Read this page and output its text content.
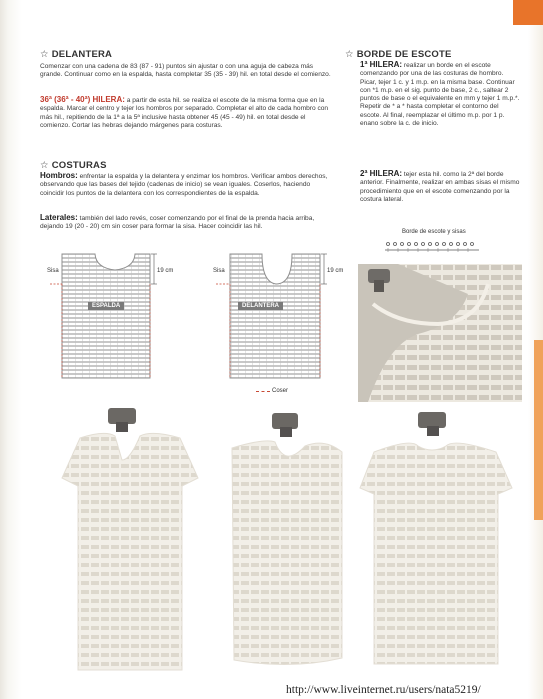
☆ DELANTERA
Comenzar con una cadena de 83 (87 - 91) puntos sin ajustar o con una aguja de cabeza más grande. Continuar como en la espalda, hasta completar 35 (35 - 39) hil. en total desde el comienzo.
36ª (36ª - 40ª) HILERA: a partir de esta hil. se realiza el escote de la misma forma que en la espalda. Marcar el centro y tejer los hombros por separado. Completar el alto de cada hombro con más hil., repitiendo de la 1ª a la 5ª inclusive hasta obtener 45 (45 - 49) hil. en total desde el comienzo. Cortar las hebras dejando márgenes para costuras.
☆ COSTURAS
Hombros: enfrentar la espalda y la delantera y enzimar los hombros. Verificar ambos derechos, observando que las bases del tejido (cadenas de inicio) se vean iguales. Coserlos, haciendo coincidir los puntos de la delantera con los correspondientes de la espalda.
Laterales: también del lado revés, coser comenzando por el final de la prenda hacia arriba, dejando 19 (20 - 20) cm sin coser para formar la sisa. Hacer coincidir las hil.
Sisa	19 cm
ESPALDA
Sisa	19 cm
DELANTERA
Coser
☆ BORDE DE ESCOTE
1ª HILERA: realizar un borde en el escote comenzando por una de las costuras de hombro. Picar, tejer 1 c. y 1 m.p. en la misma base. Continuar con *1 m.p. en el sig. punto de base, 2 c., saltear 2 puntos de base o el equivalente en mm y tejer 1 m.p.*. Repetir de * a * hasta completar el contorno del escote. Al final, reemplazar el último m.p. por 1 p. enano sobre la c. de inicio.
2ª HILERA: tejer esta hil. como la 2ª del borde anterior. Finalmente, realizar en ambas sisas el mismo procedimiento que en el escote comenzando por la costura lateral.
Borde de escote y sisas
http://www.liveinternet.ru/users/nata5219/
